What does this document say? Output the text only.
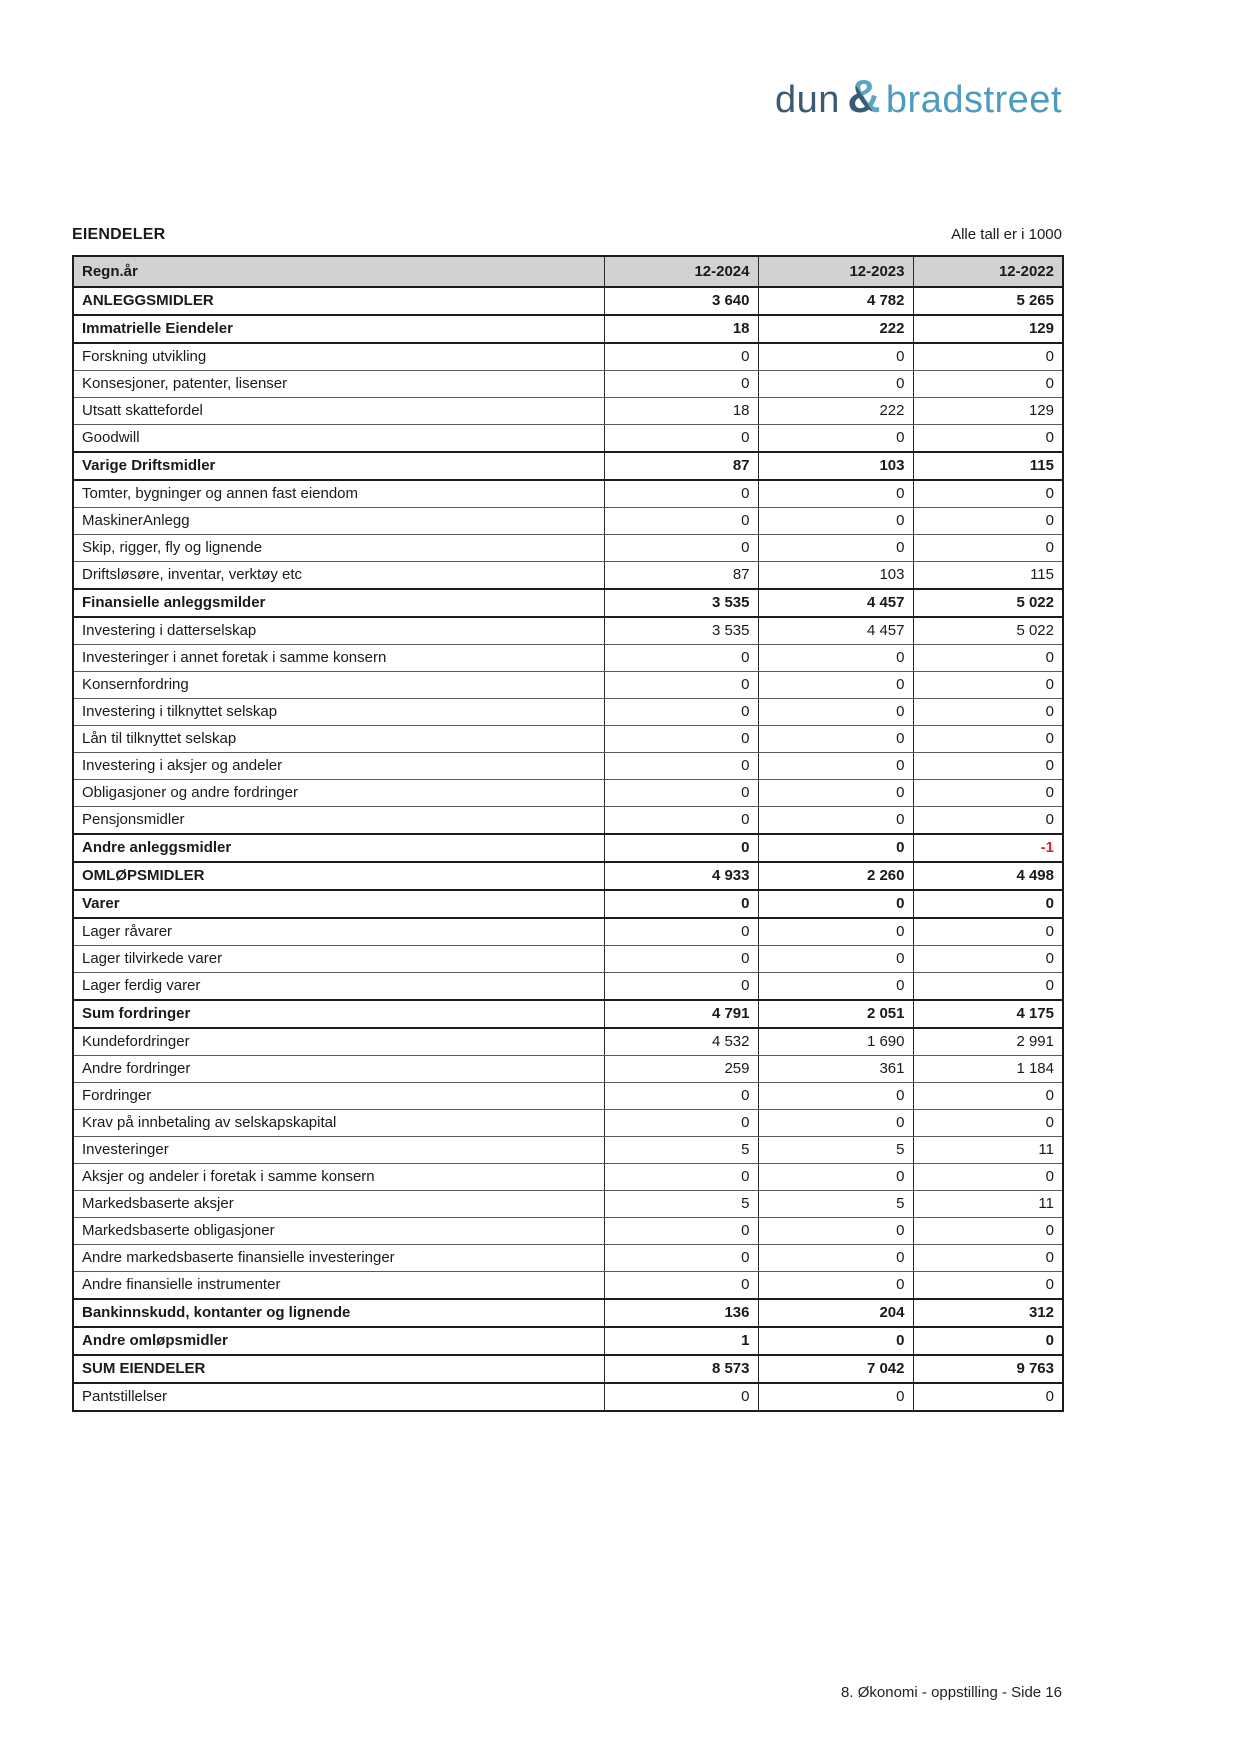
dun & bradstreet
EIENDELER	Alle tall er i 1000
Regn.år	12-2024	12-2023	12-2022
ANLEGGSMIDLER	3 640	4 782	5 265
Immatrielle Eiendeler	18	222	129
Forskning utvikling	0	0	0
Konsesjoner, patenter, lisenser	0	0	0
Utsatt skattefordel	18	222	129
Goodwill	0	0	0
Varige Driftsmidler	87	103	115
Tomter, bygninger og annen fast eiendom	0	0	0
MaskinerAnlegg	0	0	0
Skip, rigger, fly og lignende	0	0	0
Driftsløsøre, inventar, verktøy etc	87	103	115
Finansielle anleggsmilder	3 535	4 457	5 022
Investering i datterselskap	3 535	4 457	5 022
Investeringer i annet foretak i samme konsern	0	0	0
Konsernfordring	0	0	0
Investering i tilknyttet selskap	0	0	0
Lån til tilknyttet selskap	0	0	0
Investering i aksjer og andeler	0	0	0
Obligasjoner og andre fordringer	0	0	0
Pensjonsmidler	0	0	0
Andre anleggsmidler	0	0	-1
OMLØPSMIDLER	4 933	2 260	4 498
Varer	0	0	0
Lager råvarer	0	0	0
Lager tilvirkede varer	0	0	0
Lager ferdig varer	0	0	0
Sum fordringer	4 791	2 051	4 175
Kundefordringer	4 532	1 690	2 991
Andre fordringer	259	361	1 184
Fordringer	0	0	0
Krav på innbetaling av selskapskapital	0	0	0
Investeringer	5	5	11
Aksjer og andeler i foretak i samme konsern	0	0	0
Markedsbaserte aksjer	5	5	11
Markedsbaserte obligasjoner	0	0	0
Andre markedsbaserte finansielle investeringer	0	0	0
Andre finansielle instrumenter	0	0	0
Bankinnskudd, kontanter og lignende	136	204	312
Andre omløpsmidler	1	0	0
SUM EIENDELER	8 573	7 042	9 763
Pantstillelser	0	0	0
8. Økonomi - oppstilling - Side 16
